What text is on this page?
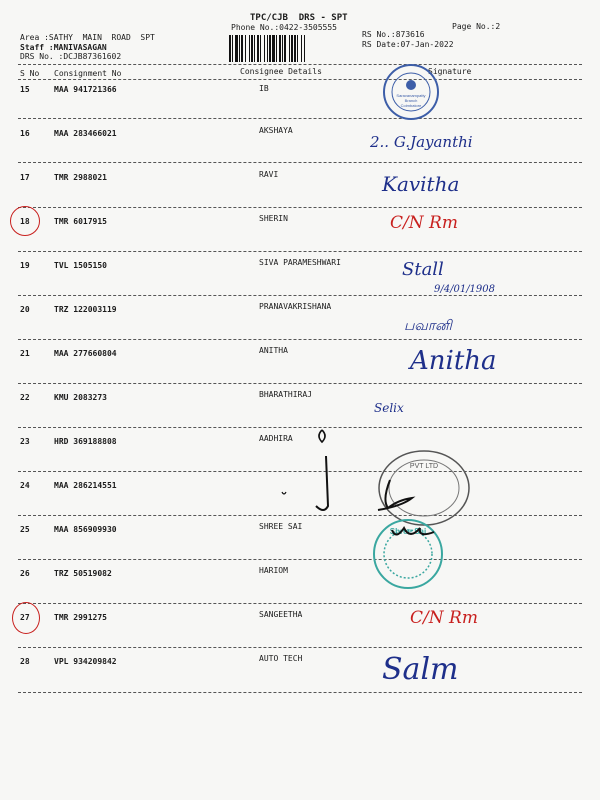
TPC/CJB  DRS - SPT
Phone No.:0422-3505555	Page No.:2
Area :SATHY  MAIN  ROAD  SPT
Staff :MANIVASAGAN
DRS No. :DCJB87361602
RS No.:873616
RS Date:07-Jan-2022
S No Consignment No	Consignee Details	Signature
15	MAA 941721366	IB
16	MAA 283466021	AKSHAYA
17	TMR 2988021	RAVI
18	TMR 6017915	SHERIN
19	TVL 1505150	SIVA PARAMESHWARI
20	TRZ 122003119	PRANAVAKRISHANA
21	MAA 277660804	ANITHA
22	KMU 2083273	BHARATHIRAJ
23	HRD 369188808	AADHIRA
24	MAA 286214551
25	MAA 856909930	SHREE SAI
26	TRZ 50519082	HARIOM
27	TMR 2991275	SANGEETHA
28	VPL 934209842	AUTO TECH
Saravanampatty
Branch
Coimbatore
PVT LTD
Shree Sai
2.. G.Jayanthi
Kavitha
C/N Rm
Stall
9/4/01/1908
பவானி
Anitha
Selix
C/N Rm
Salm
